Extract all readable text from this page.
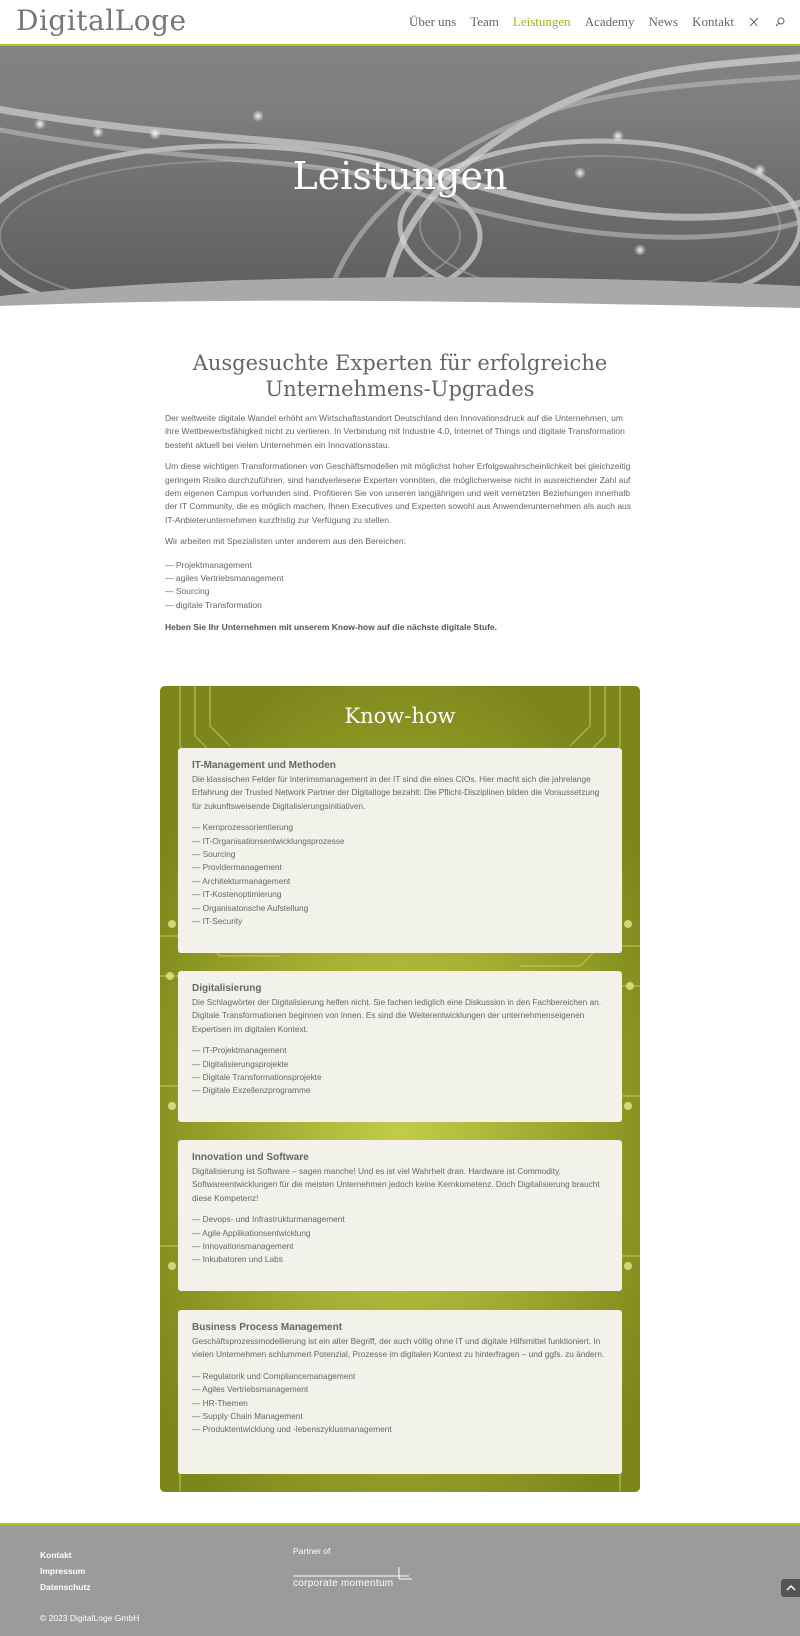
DigitalLoge	Über uns Team Leistungen Academy News Kontakt
Leistungen
Ausgesuchte Experten für erfolgreiche Unternehmens-Upgrades
Der weltweite digitale Wandel erhöht am Wirtschaftsstandort Deutschland den Innovationsdruck auf die Unternehmen, um ihre Wettbewerbsfähigkeit nicht zu verlieren. In Verbindung mit Industrie 4.0, Internet of Things und digitale Transformation besteht aktuell bei vielen Unternehmen ein Innovationsstau.
Um diese wichtigen Transformationen von Geschäftsmodellen mit möglichst hoher Erfolgswahrscheinlichkeit bei gleichzeitig geringem Risiko durchzuführen, sind handverlesene Experten vonnöten, die möglicherweise nicht in ausreichender Zahl auf dem eigenen Campus vorhanden sind. Profitieren Sie von unseren langjährigen und weit vernetzten Beziehungen innerhalb der IT Community, die es möglich machen, Ihnen Executives und Experten sowohl aus Anwenderunternehmen als auch aus IT-Anbieterunternehmen kurzfristig zur Verfügung zu stellen.
Wir arbeiten mit Spezialisten unter anderem aus den Bereichen:
— Projektmanagement
— agiles Vertriebsmanagement
— Sourcing
— digitale Transformation
Heben Sie Ihr Unternehmen mit unserem Know-how auf die nächste digitale Stufe.
Know-how
IT-Management und Methoden
Die klassischen Felder für Interimsmanagement in der IT sind die eines CIOs. Hier macht sich die jahrelange Erfahrung der Trusted Network Partner der Digitalloge bezahlt: Die Pflicht-Disziplinen bilden die Voraussetzung für zukunftsweisende Digitalisierungsinitiativen.
— Kernprozessorientierung
— IT-Organisationsentwicklungsprozesse
— Sourcing
— Providermanagement
— Architekturmanagement
— IT-Kostenoptimierung
— Organisatonsche Aufstellung
— IT-Security
Digitalisierung
Die Schlagwörter der Digitalisierung helfen nicht. Sie fachen lediglich eine Diskussion in den Fachbereichen an. Digitale Transformationen beginnen von innen. Es sind die Weiterentwicklungen der unternehmenseigenen Expertisen im digitalen Kontext.
— IT-Projektmanagement
— Digitalisierungsprojekte
— Digitale Transformationsprojekte
— Digitale Exzellenzprogramme
Innovation und Software
Digitalisierung ist Software – sagen manche! Und es ist viel Wahrheit dran. Hardware ist Commodity. Softwareentwicklungen für die meisten Unternehmen jedoch keine Kernkometenz. Doch Digitalisierung braucht diese Kompetenz!
— Devops- und Infrastrukturmanagement
— Agile Applikationsentwicklung
— Innovationsmanagement
— Inkubatoren und Labs
Business Process Management
Geschäftsprozessmodellierung ist ein alter Begriff, der auch völlig ohne IT und digitale Hilfsmittel funktioniert. In vielen Unternehmen schlummert Potenzial, Prozesse im digitalen Kontext zu hinterfragen – und ggfs. zu ändern.
— Regulatorik und Compliancemanagement
— Agiles Vertriebsmanagement
— HR-Themen
— Supply Chain Management
— Produktentwicklung und -lebenszyklusmanagement
Kontakt
Impressum
Datenschutz
Partner of
corporate momentum
© 2023 DigitalLoge GmbH
